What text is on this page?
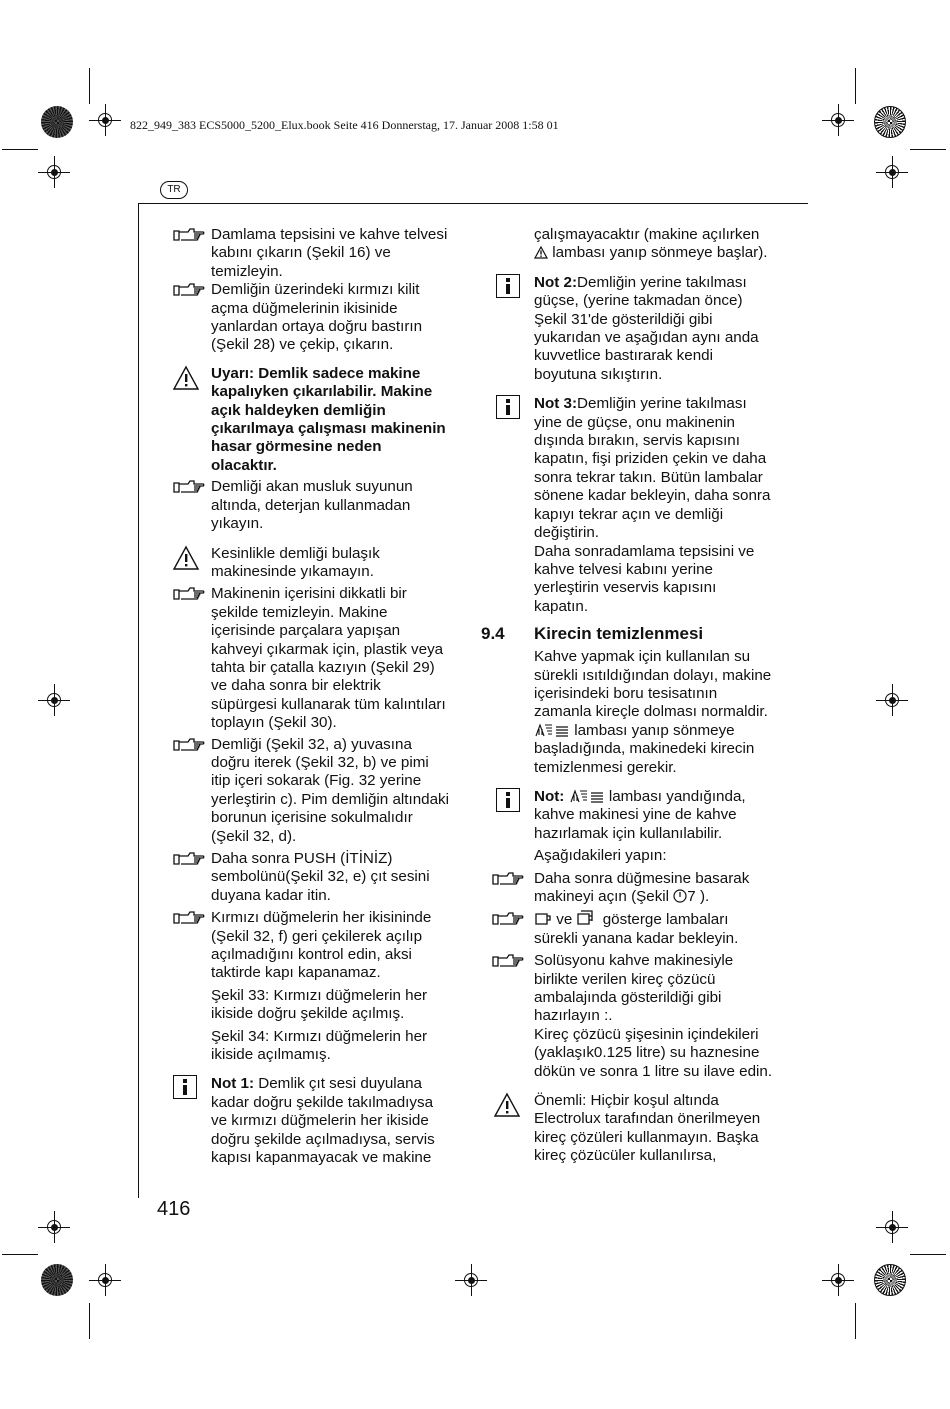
822_949_383 ECS5000_5200_Elux.book Seite 416 Donnerstag, 17. Januar 2008 1:58 01
TR
Damlama tepsisini ve kahve telvesi
kabını çıkarın (Şekil 16) ve
temizleyin.
Demliğin üzerindeki kırmızı kilit
açma düğmelerinin ikisinide
yanlardan ortaya doğru bastırın
(Şekil 28) ve çekip, çıkarın.
Uyarı: Demlik sadece makine
kapalıyken çıkarılabilir. Makine
açık haldeyken demliğin
çıkarılmaya çalışması makinenin
hasar görmesine neden
olacaktır.
Demliği akan musluk suyunun
altında, deterjan kullanmadan
yıkayın.
Kesinlikle demliği bulaşık
makinesinde yıkamayın.
Makinenin içerisini dikkatli bir
şekilde temizleyin. Makine
içerisinde parçalara yapışan
kahveyi çıkarmak için, plastik veya
tahta bir çatalla kazıyın (Şekil 29)
ve daha sonra bir elektrik
süpürgesi kullanarak tüm kalıntıları
toplayın (Şekil 30).
Demliği (Şekil 32, a) yuvasına
doğru iterek (Şekil 32, b) ve pimi
itip içeri sokarak (Fig. 32 yerine
yerleştirin c). Pim demliğin altındaki
borunun içerisine sokulmalıdır
(Şekil 32, d).
Daha sonra PUSH (İTİNİZ)
sembolünü(Şekil 32, e) çıt sesini
duyana kadar itin.
Kırmızı düğmelerin her ikisininde
(Şekil 32, f) geri çekilerek açılıp
açılmadığını kontrol edin, aksi
taktirde kapı kapanamaz.
Şekil 33: Kırmızı düğmelerin her
ikiside doğru şekilde açılmış.
Şekil 34: Kırmızı düğmelerin her
ikiside açılmamış.
Not 1: Demlik çıt sesi duyulana
kadar doğru şekilde takılmadıysa
ve kırmızı düğmelerin her ikiside
doğru şekilde açılmadıysa, servis
kapısı kapanmayacak ve makine
çalışmayacaktır (makine açılırken
lambası yanıp sönmeye başlar).
Not 2:Demliğin yerine takılması
güçse, (yerine takmadan önce)
Şekil 31'de gösterildiği gibi
yukarıdan ve aşağıdan aynı anda
kuvvetlice bastırarak kendi
boyutuna sıkıştırın.
Not 3:Demliğin yerine takılması
yine de güçse, onu makinenin
dışında bırakın, servis kapısını
kapatın, fişi priziden çekin ve daha
sonra tekrar takın. Bütün lambalar
sönene kadar bekleyin, daha sonra
kapıyı tekrar açın ve demliği
değiştirin.
Daha sonradamlama tepsisini ve
kahve telvesi kabını yerine
yerleştirin veservis kapısını
kapatın.
9.4 Kirecin temizlenmesi
Kahve yapmak için kullanılan su
sürekli ısıtıldığından dolayı, makine
içerisindeki boru tesisatının
zamanla kireçle dolması normaldir.
lambası yanıp sönmeye
başladığında, makinedeki kirecin
temizlenmesi gerekir.
Not:	lambası yandığında,
kahve makinesi yine de kahve
hazırlamak için kullanılabilir.
Aşağıdakileri yapın:
Daha sonra düğmesine basarak
makineyi açın (Şekil 7 ).
ve  gösterge lambaları
sürekli yanana kadar bekleyin.
Solüsyonu kahve makinesiyle
birlikte verilen kireç çözücü
ambalajında gösterildiği gibi
hazırlayın :.
Kireç çözücü şişesinin içindekileri
(yaklaşık0.125 litre) su haznesine
dökün ve sonra 1 litre su ilave edin.
Önemli: Hiçbir koşul altında
Electrolux tarafından önerilmeyen
kireç çözüleri kullanmayın. Başka
kireç çözücüler kullanılırsa,
416
